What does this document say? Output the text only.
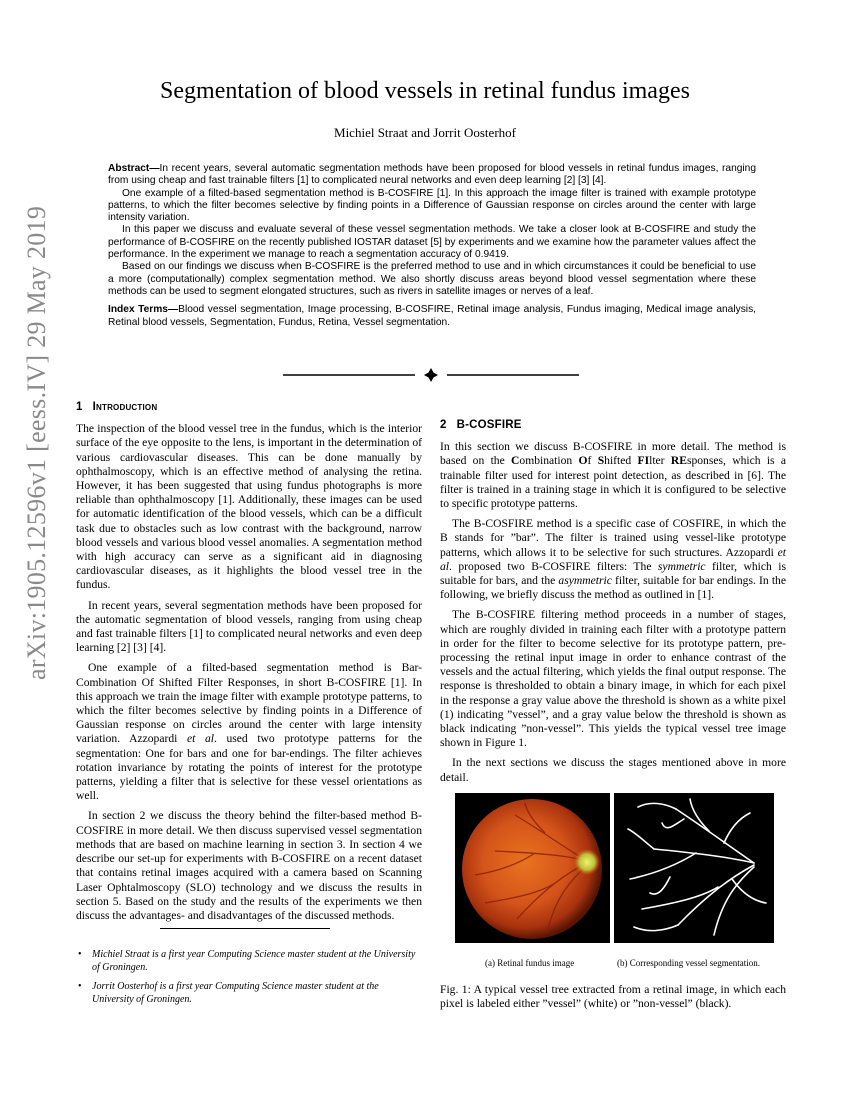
arXiv:1905.12596v1 [eess.IV] 29 May 2019
Segmentation of blood vessels in retinal fundus images
Michiel Straat and Jorrit Oosterhof

Abstract—In recent years, several automatic segmentation methods have been proposed for blood vessels in retinal fundus images, ranging from using cheap and fast trainable filters [1] to complicated neural networks and even deep learning [2] [3] [4].

One example of a filted-based segmentation method is B-COSFIRE [1]. In this approach the image filter is trained with example prototype patterns, to which the filter becomes selective by finding points in a Difference of Gaussian response on circles around the center with large intensity variation.

In this paper we discuss and evaluate several of these vessel segmentation methods. We take a closer look at B-COSFIRE and study the performance of B-COSFIRE on the recently published IOSTAR dataset [5] by experiments and we examine how the parameter values affect the performance. In the experiment we manage to reach a segmentation accuracy of 0.9419.

Based on our findings we discuss when B-COSFIRE is the preferred method to use and in which circumstances it could be beneficial to use a more (computationally) complex segmentation method. We also shortly discuss areas beyond blood vessel segmentation where these methods can be used to segment elongated structures, such as rivers in satellite images or nerves of a leaf.

Index Terms—Blood vessel segmentation, Image processing, B-COSFIRE, Retinal image analysis, Fundus imaging, Medical image analysis, Retinal blood vessels, Segmentation, Fundus, Retina, Vessel segmentation.

1 Introduction

The inspection of the blood vessel tree in the fundus, which is the interior surface of the eye opposite to the lens, is important in the determination of various cardiovascular diseases. This can be done manually by ophthalmoscopy, which is an effective method of analysing the retina. However, it has been suggested that using fundus photographs is more reliable than ophthalmoscopy [1]. Additionally, these images can be used for automatic identification of the blood vessels, which can be a difficult task due to obstacles such as low contrast with the background, narrow blood vessels and various blood vessel anomalies. A segmentation method with high accuracy can serve as a significant aid in diagnosing cardiovascular diseases, as it highlights the blood vessel tree in the fundus.

In recent years, several segmentation methods have been proposed for the automatic segmentation of blood vessels, ranging from using cheap and fast trainable filters [1] to complicated neural networks and even deep learning [2] [3] [4].

One example of a filted-based segmentation method is Bar-Combination Of Shifted Filter Responses, in short B-COSFIRE [1]. In this approach we train the image filter with example prototype patterns, to which the filter becomes selective by finding points in a Difference of Gaussian response on circles around the center with large intensity variation. Azzopardi et al. used two prototype patterns for the segmentation: One for bars and one for bar-endings. The filter achieves rotation invariance by rotating the points of interest for the prototype patterns, yielding a filter that is selective for these vessel orientations as well.

In section 2 we discuss the theory behind the filter-based method B-COSFIRE in more detail. We then discuss supervised vessel segmentation methods that are based on machine learning in section 3. In section 4 we describe our set-up for experiments with B-COSFIRE on a recent dataset that contains retinal images acquired with a camera based on Scanning Laser Ophtalmoscopy (SLO) technology and we discuss the results in section 5. Based on the study and the results of the experiments we then discuss the advantages- and disadvantages of the discussed methods.

• Michiel Straat is a first year Computing Science master student at the University of Groningen.
• Jorrit Oosterhof is a first year Computing Science master student at the University of Groningen.
2 B-COSFIRE

In this section we discuss B-COSFIRE in more detail. The method is based on the Combination Of Shifted FIlter REsponses, which is a trainable filter used for interest point detection, as described in [6]. The filter is trained in a training stage in which it is configured to be selective to specific prototype patterns.

The B-COSFIRE method is a specific case of COSFIRE, in which the B stands for ”bar”. The filter is trained using vessel-like prototype patterns, which allows it to be selective for such structures. Azzopardi et al. proposed two B-COSFIRE filters: The symmetric filter, which is suitable for bars, and the asymmetric filter, suitable for bar endings. In the following, we briefly discuss the method as outlined in [1].

The B-COSFIRE filtering method proceeds in a number of stages, which are roughly divided in training each filter with a prototype pattern in order for the filter to become selective for its prototype pattern, pre-processing the retinal input image in order to enhance contrast of the vessels and the actual filtering, which yields the final output response. The response is thresholded to obtain a binary image, in which for each pixel in the response a gray value above the threshold is shown as a white pixel (1) indicating ”vessel”, and a gray value below the threshold is shown as black indicating ”non-vessel”. This yields the typical vessel tree image shown in Figure 1.

In the next sections we discuss the stages mentioned above in more detail.

(a) Retinal fundus image	(b) Corresponding vessel segmentation.
Fig. 1: A typical vessel tree extracted from a retinal image, in which each pixel is labeled either ”vessel” (white) or ”non-vessel” (black).
